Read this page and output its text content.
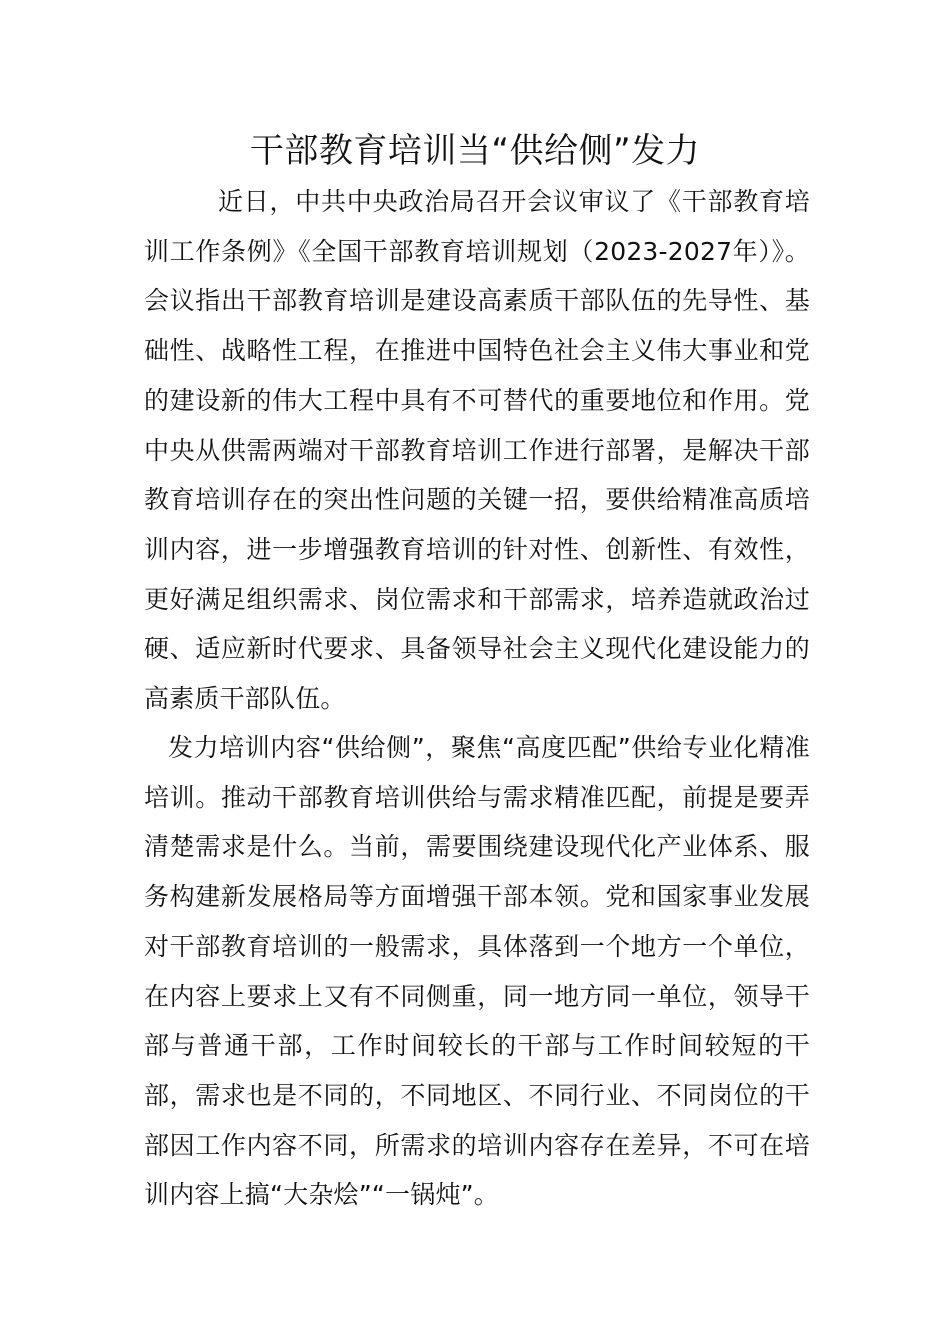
干部教育培训当“供给侧”发力

近日，中共中央政治局召开会议审议了《干部教育培训工作条例》《全国干部教育培训规划（2023-2027年）》。会议指出干部教育培训是建设高素质干部队伍的先导性、基础性、战略性工程，在推进中国特色社会主义伟大事业和党的建设新的伟大工程中具有不可替代的重要地位和作用。党中央从供需两端对干部教育培训工作进行部署，是解决干部教育培训存在的突出性问题的关键一招，要供给精准高质培训内容，进一步增强教育培训的针对性、创新性、有效性，更好满足组织需求、岗位需求和干部需求，培养造就政治过硬、适应新时代要求、具备领导社会主义现代化建设能力的高素质干部队伍。

发力培训内容“供给侧”，聚焦“高度匹配”供给专业化精准培训。推动干部教育培训供给与需求精准匹配，前提是要弄清楚需求是什么。当前，需要围绕建设现代化产业体系、服务构建新发展格局等方面增强干部本领。党和国家事业发展对干部教育培训的一般需求，具体落到一个地方一个单位，在内容上要求上又有不同侧重，同一地方同一单位，领导干部与普通干部，工作时间较长的干部与工作时间较短的干部，需求也是不同的，不同地区、不同行业、不同岗位的干部因工作内容不同，所需求的培训内容存在差异，不可在培训内容上搞“大杂烩”“一锅炖”。
